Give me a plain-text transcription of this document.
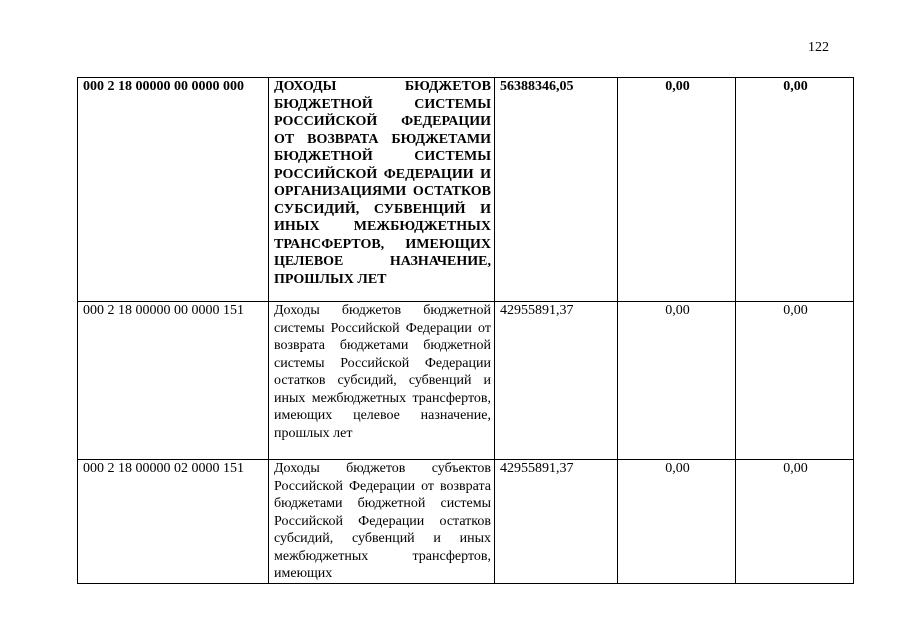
122
000 2 18 00000 00 0000 000	ДОХОДЫ БЮДЖЕТОВ БЮДЖЕТНОЙ СИСТЕМЫ РОССИЙСКОЙ ФЕДЕРАЦИИ ОТ ВОЗВРАТА БЮДЖЕТАМИ БЮДЖЕТНОЙ СИСТЕМЫ РОССИЙСКОЙ ФЕДЕРАЦИИ И ОРГАНИЗАЦИЯМИ ОСТАТКОВ СУБСИДИЙ, СУБВЕНЦИЙ И ИНЫХ МЕЖБЮДЖЕТНЫХ ТРАНСФЕРТОВ, ИМЕЮЩИХ ЦЕЛЕВОЕ НАЗНАЧЕНИЕ, ПРОШЛЫХ ЛЕТ	56388346,05	0,00	0,00
000 2 18 00000 00 0000 151	Доходы бюджетов бюджетной системы Российской Федерации от возврата бюджетами бюджетной системы Российской Федерации остатков субсидий, субвенций и иных межбюджетных трансфертов, имеющих целевое назначение, прошлых лет	42955891,37	0,00	0,00
000 2 18 00000 02 0000 151	Доходы бюджетов субъектов Российской Федерации от возврата бюджетами бюджетной системы Российской Федерации остатков субсидий, субвенций и иных межбюджетных трансфертов, имеющих	42955891,37	0,00	0,00
